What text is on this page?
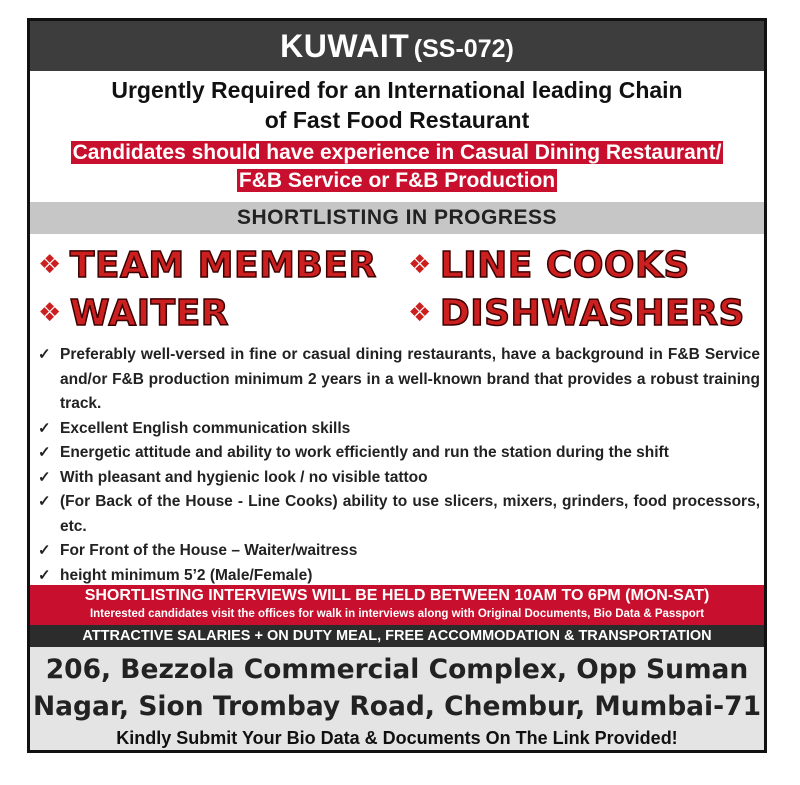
KUWAIT (SS-072)
Urgently Required for an International leading Chain
of Fast Food Restaurant
Candidates should have experience in Casual Dining Restaurant/
F&B Service or F&B Production
SHORTLISTING IN PROGRESS
❖ TEAM MEMBER ❖ LINE COOKS
❖ WAITER	❖ DISHWASHERS
✓ Preferably well-versed in fine or casual dining restaurants, have a background in F&B Service and/or F&B production minimum 2 years in a well-known brand that provides a robust training track.
✓ Excellent English communication skills
✓ Energetic attitude and ability to work efficiently and run the station during the shift
✓ With pleasant and hygienic look / no visible tattoo
✓ (For Back of the House - Line Cooks) ability to use slicers, mixers, grinders, food processors, etc.
✓ For Front of the House – Waiter/waitress
✓ height minimum 5’2 (Male/Female)
SHORTLISTING INTERVIEWS WILL BE HELD BETWEEN 10AM TO 6PM (MON-SAT)
Interested candidates visit the offices for walk in interviews along with Original Documents, Bio Data & Passport
ATTRACTIVE SALARIES + ON DUTY MEAL, FREE ACCOMMODATION & TRANSPORTATION
206, Bezzola Commercial Complex, Opp Suman
Nagar, Sion Trombay Road, Chembur, Mumbai-71
Kindly Submit Your Bio Data & Documents On The Link Provided!
